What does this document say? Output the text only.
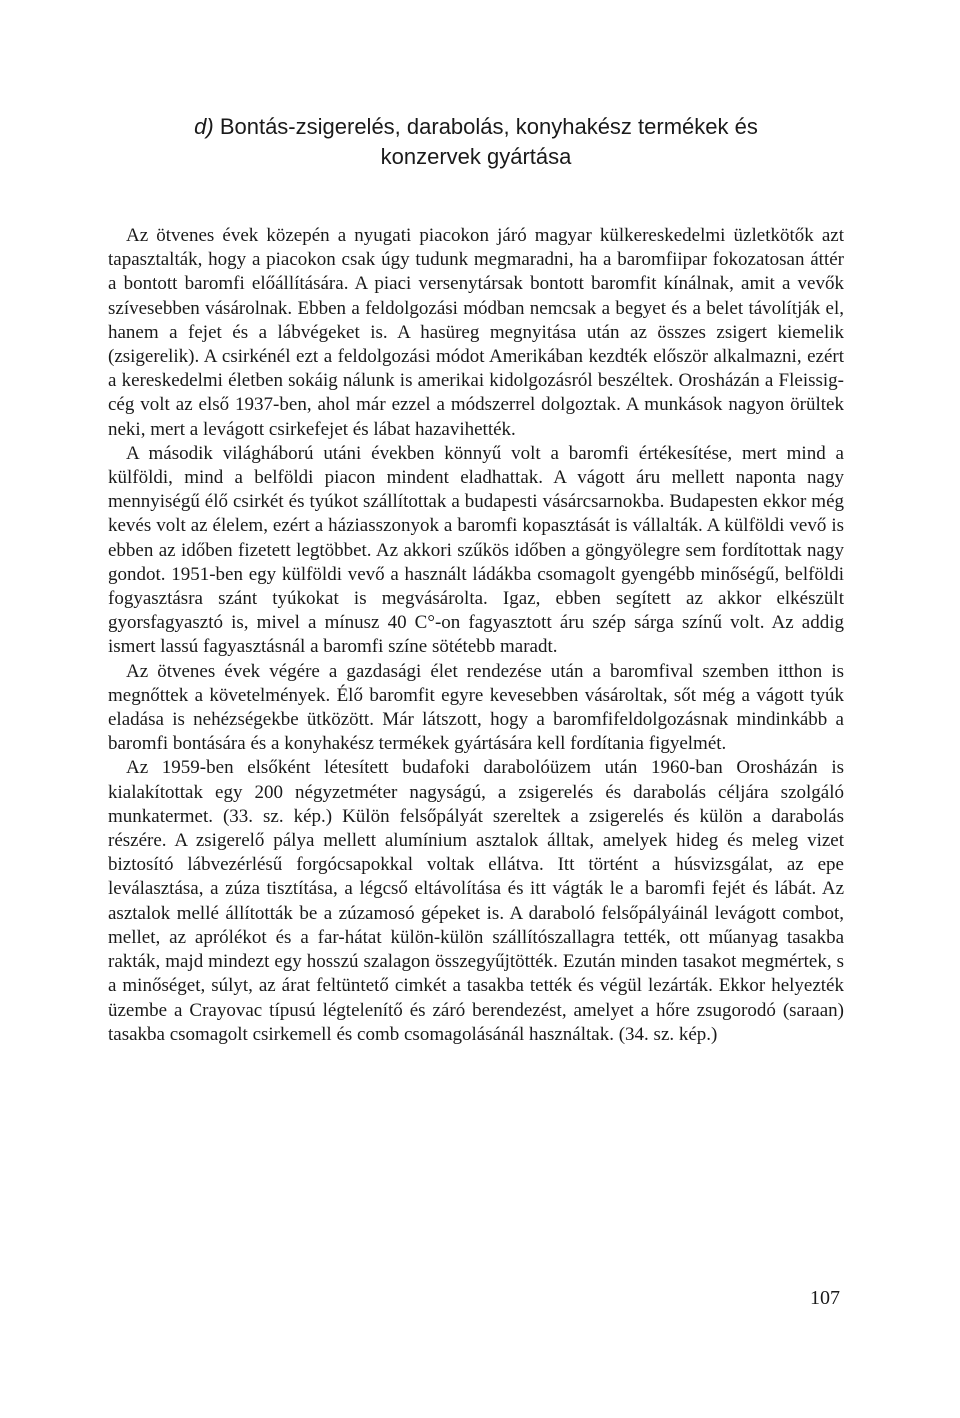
d) Bontás-zsigerelés, darabolás, konyhakész termékek és
konzervek gyártása

Az ötvenes évek közepén a nyugati piacokon járó magyar külkereskedelmi üzletkötők azt tapasztalták, hogy a piacokon csak úgy tudunk megmaradni, ha a baromfiipar fokozatosan áttér a bontott baromfi előállítására. A piaci versenytársak bontott baromfit kínálnak, amit a vevők szívesebben vásárolnak. Ebben a feldolgozási módban nemcsak a begyet és a belet távolítják el, hanem a fejet és a lábvégeket is. A hasüreg megnyitása után az összes zsigert kiemelik (zsigerelik). A csirkénél ezt a feldolgozási módot Amerikában kezdték először alkalmazni, ezért a kereskedelmi életben sokáig nálunk is amerikai kidolgozásról beszéltek. Orosházán a Fleissig-cég volt az első 1937-ben, ahol már ezzel a módszerrel dolgoztak. A munkások nagyon örültek neki, mert a levágott csirkefejet és lábat hazavihették.

A második világháború utáni években könnyű volt a baromfi értékesítése, mert mind a külföldi, mind a belföldi piacon mindent eladhattak. A vágott áru mellett naponta nagy mennyiségű élő csirkét és tyúkot szállítottak a budapesti vásárcsarnokba. Budapesten ekkor még kevés volt az élelem, ezért a háziasszonyok a baromfi kopasztását is vállalták. A külföldi vevő is ebben az időben fizetett legtöbbet. Az akkori szűkös időben a göngyölegre sem fordítottak nagy gondot. 1951-ben egy külföldi vevő a használt ládákba csomagolt gyengébb minőségű, belföldi fogyasztásra szánt tyúkokat is megvásárolta. Igaz, ebben segített az akkor elkészült gyorsfagyasztó is, mivel a mínusz 40 C°-on fagyasztott áru szép sárga színű volt. Az addig ismert lassú fagyasztásnál a baromfi színe sötétebb maradt.

Az ötvenes évek végére a gazdasági élet rendezése után a baromfival szemben itthon is megnőttek a követelmények. Élő baromfit egyre kevesebben vásároltak, sőt még a vágott tyúk eladása is nehézségekbe ütközött. Már látszott, hogy a baromfifeldolgozásnak mindinkább a baromfi bontására és a konyhakész termékek gyártására kell fordítania figyelmét.

Az 1959-ben elsőként létesített budafoki darabolóüzem után 1960-ban Orosházán is kialakítottak egy 200 négyzetméter nagyságú, a zsigerelés és darabolás céljára szolgáló munkatermet. (33. sz. kép.) Külön felsőpályát szereltek a zsigerelés és külön a darabolás részére. A zsigerelő pálya mellett alumínium asztalok álltak, amelyek hideg és meleg vizet biztosító lábvezérlésű forgócsapokkal voltak ellátva. Itt történt a húsvizsgálat, az epe leválasztása, a zúza tisztítása, a légcső eltávolítása és itt vágták le a baromfi fejét és lábát. Az asztalok mellé állították be a zúzamosó gépeket is. A daraboló felsőpályáinál levágott combot, mellet, az aprólékot és a far-hátat külön-külön szállítószallagra tették, ott műanyag tasakba rakták, majd mindezt egy hosszú szalagon összegyűjtötték. Ezután minden tasakot megmértek, s a minőséget, súlyt, az árat feltüntető cimkét a tasakba tették és végül lezárták. Ekkor helyezték üzembe a Crayovac típusú légtelenítő és záró berendezést, amelyet a hőre zsugorodó (saraan) tasakba csomagolt csirkemell és comb csomagolásánál használtak. (34. sz. kép.)

107
